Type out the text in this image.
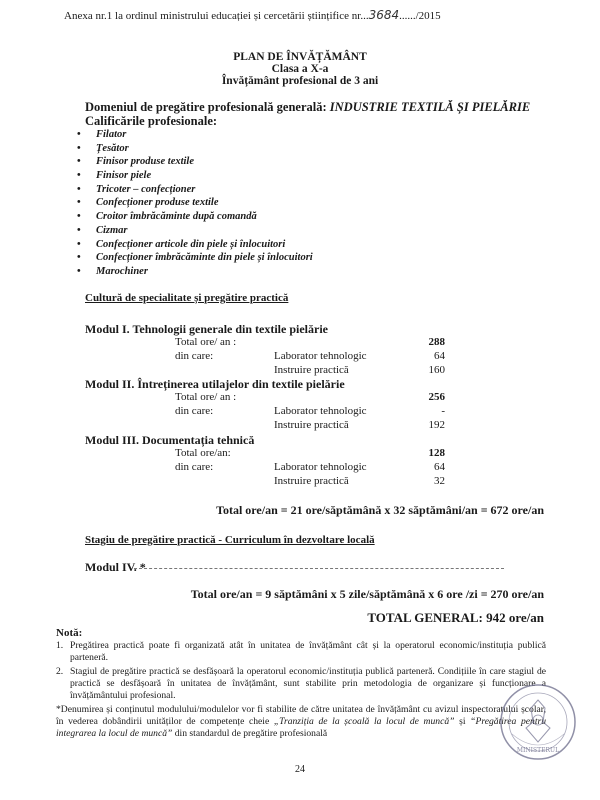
Anexa nr.1 la ordinul ministrului educației și cercetării științifice nr...3684....../2015
PLAN DE ÎNVĂȚĂMÂNT
Clasa a X-a
Învățământ profesional de 3 ani
Domeniul de pregătire profesională generală: INDUSTRIE TEXTILĂ ȘI PIELĂRIE
Calificările profesionale:
• Filator
• Țesător
• Finisor produse textile
• Finisor piele
• Tricoter – confecționer
• Confecționer produse textile
• Croitor îmbrăcăminte după comandă
• Cizmar
• Confecționer articole din piele și înlocuitori
• Confecționer îmbrăcăminte din piele și înlocuitori
• Marochiner
Cultură de specialitate și pregătire practică
Modul I. Tehnologii generale din textile pielărie
Total ore/ an :	288
din care:	Laborator tehnologic	64
Instruire practică	160
Modul II. Întreținerea utilajelor din textile pielărie
Total ore/ an :	256
din care:	Laborator tehnologic	-
Instruire practică	192
Modul III. Documentația tehnică
Total ore/an:	128
din care:	Laborator tehnologic	64
Instruire practică	32
Total ore/an = 21 ore/săptămână x 32 săptămâni/an = 672 ore/an
Stagiu de pregătire practică - Curriculum în dezvoltare locală
Modul IV. *
Total ore/an = 9 săptămâni x 5 zile/săptămână x 6 ore /zi = 270 ore/an
TOTAL GENERAL: 942 ore/an
Notă:
1. Pregătirea practică poate fi organizată atât în unitatea de învățământ cât și la operatorul economic/instituția publică parteneră.
2. Stagiul de pregătire practică se desfășoară la operatorul economic/instituția publică parteneră. Condițiile în care stagiul de practică se desfășoară în unitatea de învățământ, sunt stabilite prin metodologia de organizare și funcționare a învățământului profesional.
*Denumirea și conținutul modulului/modulelor vor fi stabilite de către unitatea de învățământ cu avizul inspectoratului școlar, în vederea dobândirii unităților de competențe cheie „Tranziția de la școală la locul de muncă” și “Pregătirea pentru integrarea la locul de muncă” din standardul de pregătire profesională
MINISTERUL
24
